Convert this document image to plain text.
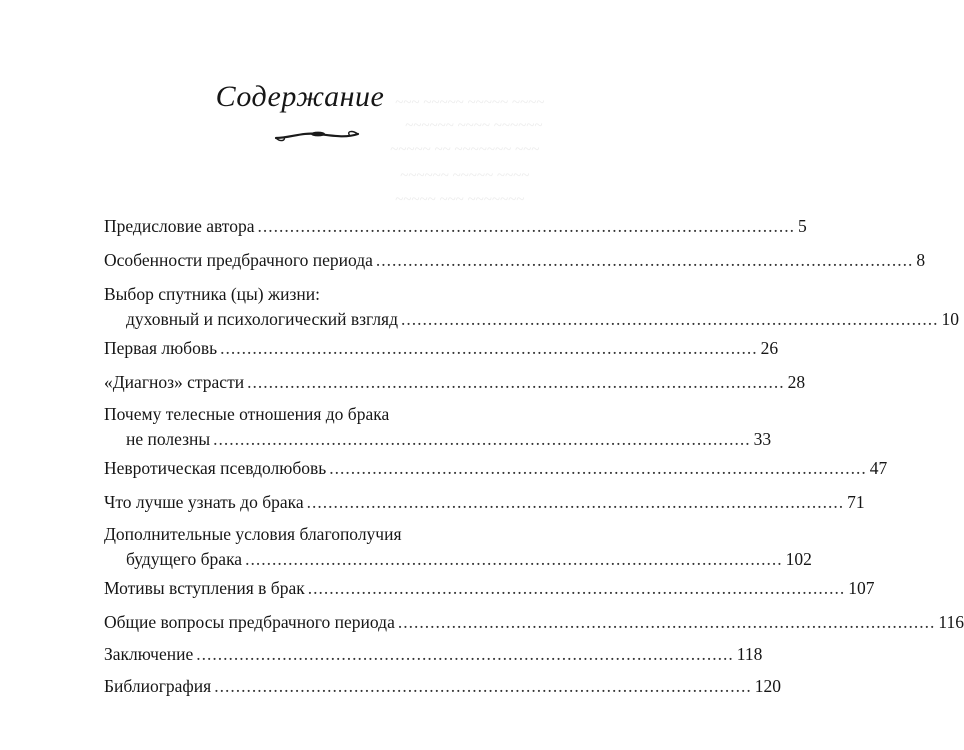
~~~ ~~~~~ ~~~~~ ~~~~
~~~~~~ ~~~~ ~~~~~~
~~~~~ ~~ ~~~~~~~ ~~~
~~~~~~ ~~~~~ ~~~~
~~~~~ ~~~ ~~~~~~~
Содержание
Предисловие автора .................................................................................................... 5
Особенности предбрачного периода .................................................................................................... 8
Выбор спутника (цы) жизни:
духовный и психологический взгляд .................................................................................................... 10
Первая любовь .................................................................................................... 26
«Диагноз» страсти .................................................................................................... 28
Почему телесные отношения до брака
не полезны .................................................................................................... 33
Невротическая псевдолюбовь .................................................................................................... 47
Что лучше узнать до брака .................................................................................................... 71
Дополнительные условия благополучия
будущего брака .................................................................................................... 102
Мотивы вступления в брак .................................................................................................... 107
Общие вопросы предбрачного периода .................................................................................................... 116
Заключение .................................................................................................... 118
Библиография .................................................................................................... 120
